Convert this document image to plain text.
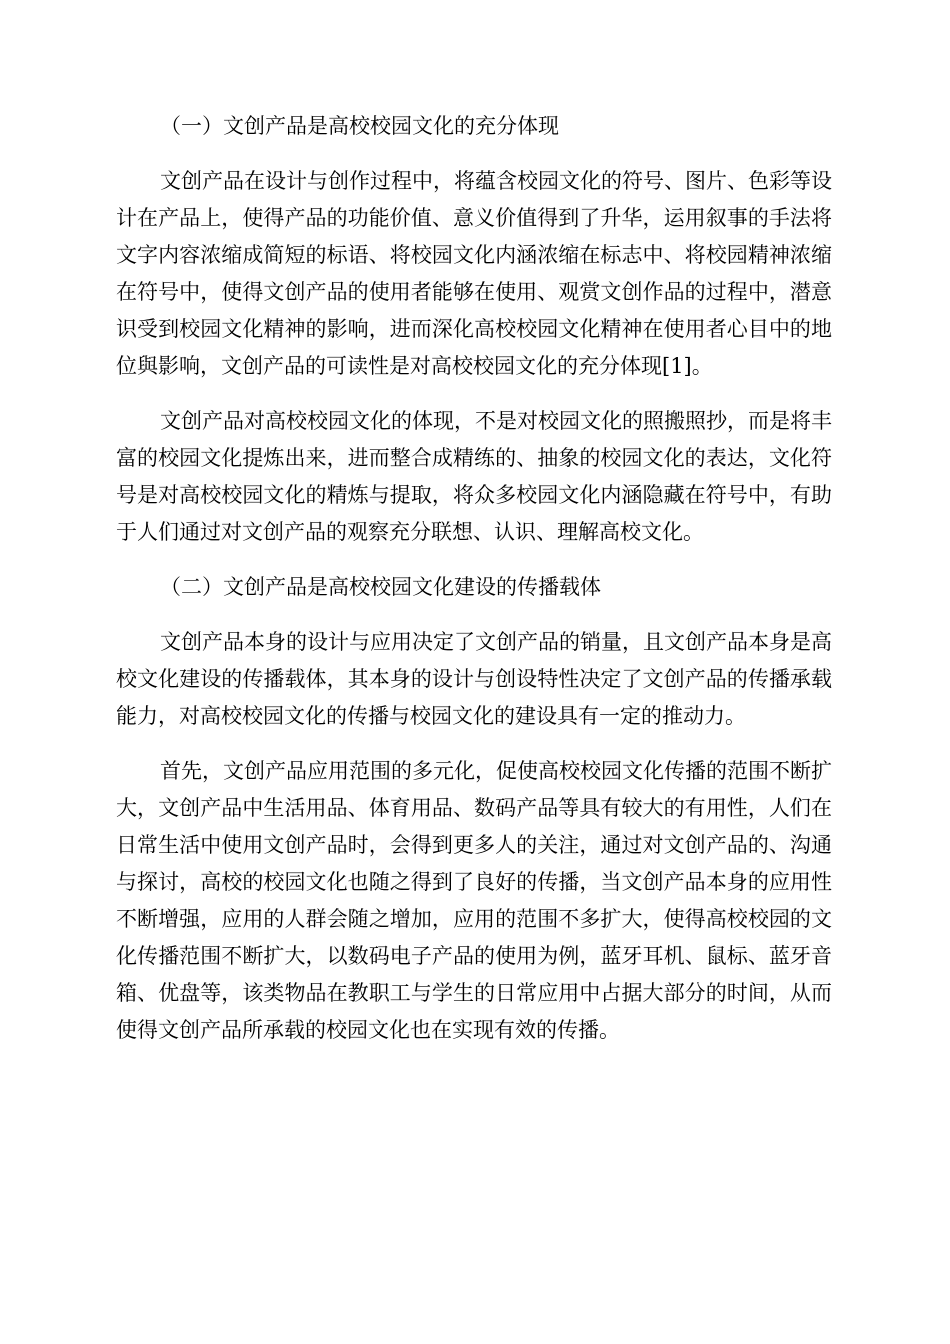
（一）文创产品是高校校园文化的充分体现

文创产品在设计与创作过程中，将蕴含校园文化的符号、图片、色彩等设计在产品上，使得产品的功能价值、意义价值得到了升华，运用叙事的手法将文字内容浓缩成简短的标语、将校园文化内涵浓缩在标志中、将校园精神浓缩在符号中，使得文创产品的使用者能够在使用、观赏文创作品的过程中，潜意识受到校园文化精神的影响，进而深化高校校园文化精神在使用者心目中的地位與影响，文创产品的可读性是对高校校园文化的充分体现[1]。

文创产品对高校校园文化的体现，不是对校园文化的照搬照抄，而是将丰富的校园文化提炼出来，进而整合成精练的、抽象的校园文化的表达，文化符号是对高校校园文化的精炼与提取，将众多校园文化内涵隐藏在符号中，有助于人们通过对文创产品的观察充分联想、认识、理解高校文化。

（二）文创产品是高校校园文化建设的传播载体

文创产品本身的设计与应用决定了文创产品的销量，且文创产品本身是高校文化建设的传播载体，其本身的设计与创设特性决定了文创产品的传播承载能力，对高校校园文化的传播与校园文化的建设具有一定的推动力。

首先，文创产品应用范围的多元化，促使高校校园文化传播的范围不断扩大，文创产品中生活用品、体育用品、数码产品等具有较大的有用性，人们在日常生活中使用文创产品时，会得到更多人的关注，通过对文创产品的、沟通与探讨，高校的校园文化也随之得到了良好的传播，当文创产品本身的应用性不断增强，应用的人群会随之增加，应用的范围不多扩大，使得高校校园的文化传播范围不断扩大，以数码电子产品的使用为例，蓝牙耳机、鼠标、蓝牙音箱、优盘等，该类物品在教职工与学生的日常应用中占据大部分的时间，从而使得文创产品所承载的校园文化也在实现有效的传播。
